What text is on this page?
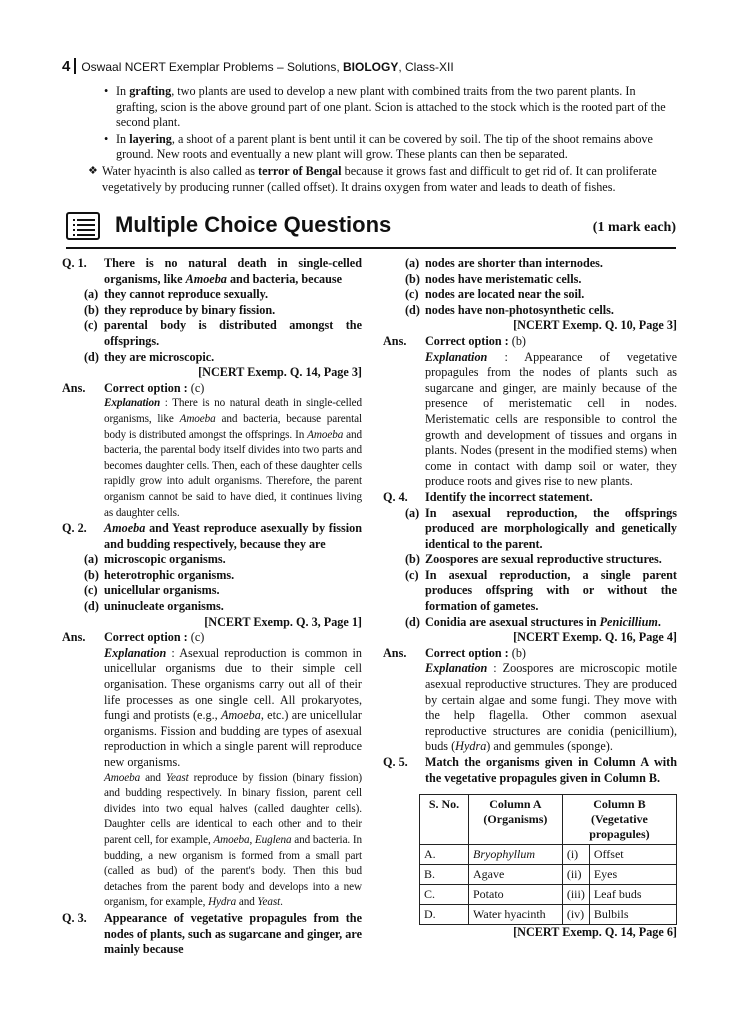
4 Oswaal NCERT Exemplar Problems – Solutions, BIOLOGY, Class-XII
• In grafting, two plants are used to develop a new plant with combined traits from the two parent plants. In grafting, scion is the above ground part of one plant. Scion is attached to the stock which is the rooted part of the second plant.
• In layering, a shoot of a parent plant is bent until it can be covered by soil. The tip of the shoot remains above ground. New roots and eventually a new plant will grow. These plants can then be separated.
❖ Water hyacinth is also called as terror of Bengal because it grows fast and difficult to get rid of. It can proliferate vegetatively by producing runner (called offset). It drains oxygen from water and leads to death of fishes.
Multiple Choice Questions	(1 mark each)
Q. 1. There is no natural death in single-celled organisms, like Amoeba and bacteria, because
(a) they cannot reproduce sexually.
(b) they reproduce by binary fission.
(c) parental body is distributed amongst the offsprings.
(d) they are microscopic.
[NCERT Exemp. Q. 14, Page 3]
Ans. Correct option : (c)
Explanation : There is no natural death in single-celled organisms, like Amoeba and bacteria, because parental body is distributed amongst the offsprings. In Amoeba and bacteria, the parental body itself divides into two parts and becomes daughter cells. Then, each of these daughter cells rapidly grow into adult organisms. Therefore, the parent organism cannot be said to have died, it continues living as daughter cells.
Q. 2. Amoeba and Yeast reproduce asexually by fission and budding respectively, because they are
(a) microscopic organisms.
(b) heterotrophic organisms.
(c) unicellular organisms.
(d) uninucleate organisms.
[NCERT Exemp. Q. 3, Page 1]
Ans. Correct option : (c)
Explanation : Asexual reproduction is common in unicellular organisms due to their simple cell organisation. These organisms carry out all of their life processes as one single cell. All prokaryotes, fungi and protists (e.g., Amoeba, etc.) are unicellular organisms. Fission and budding are types of asexual reproduction in which a single parent will reproduce new organisms.
Amoeba and Yeast reproduce by fission (binary fission) and budding respectively. In binary fission, parent cell divides into two equal halves (called daughter cells). Daughter cells are identical to each other and to their parent cell, for example, Amoeba, Euglena and bacteria. In budding, a new organism is formed from a small part (called as bud) of the parent's body. Then this bud detaches from the parent body and develops into a new organism, for example, Hydra and Yeast.
Q. 3. Appearance of vegetative propagules from the nodes of plants, such as sugarcane and ginger, are mainly because
(a) nodes are shorter than internodes.
(b) nodes have meristematic cells.
(c) nodes are located near the soil.
(d) nodes have non-photosynthetic cells.
[NCERT Exemp. Q. 10, Page 3]
Ans. Correct option : (b)
Explanation : Appearance of vegetative propagules from the nodes of plants such as sugarcane and ginger, are mainly because of the presence of meristematic cell in nodes. Meristematic cells are responsible to control the growth and development of tissues and organs in plants. Nodes (present in the modified stems) when come in contact with damp soil or water, they produce roots and gives rise to new plants.
Q. 4. Identify the incorrect statement.
(a) In asexual reproduction, the offsprings produced are morphologically and genetically identical to the parent.
(b) Zoospores are sexual reproductive structures.
(c) In asexual reproduction, a single parent produces offspring with or without the formation of gametes.
(d) Conidia are asexual structures in Penicillium.
[NCERT Exemp. Q. 16, Page 4]
Ans. Correct option : (b)
Explanation : Zoospores are microscopic motile asexual reproductive structures. They are produced by certain algae and some fungi. They move with the help flagella. Other common asexual reproductive structures are conidia (penicillium), buds (Hydra) and gemmules (sponge).
Q. 5. Match the organisms given in Column A with the vegetative propagules given in Column B.
S. No.	Column A (Organisms)	Column B (Vegetative propagules)	
A.	Bryophyllum	(i)	Offset
B.	Agave	(ii)	Eyes
C.	Potato	(iii)	Leaf buds
D.	Water hyacinth	(iv)	Bulbils
[NCERT Exemp. Q. 14, Page 6]
